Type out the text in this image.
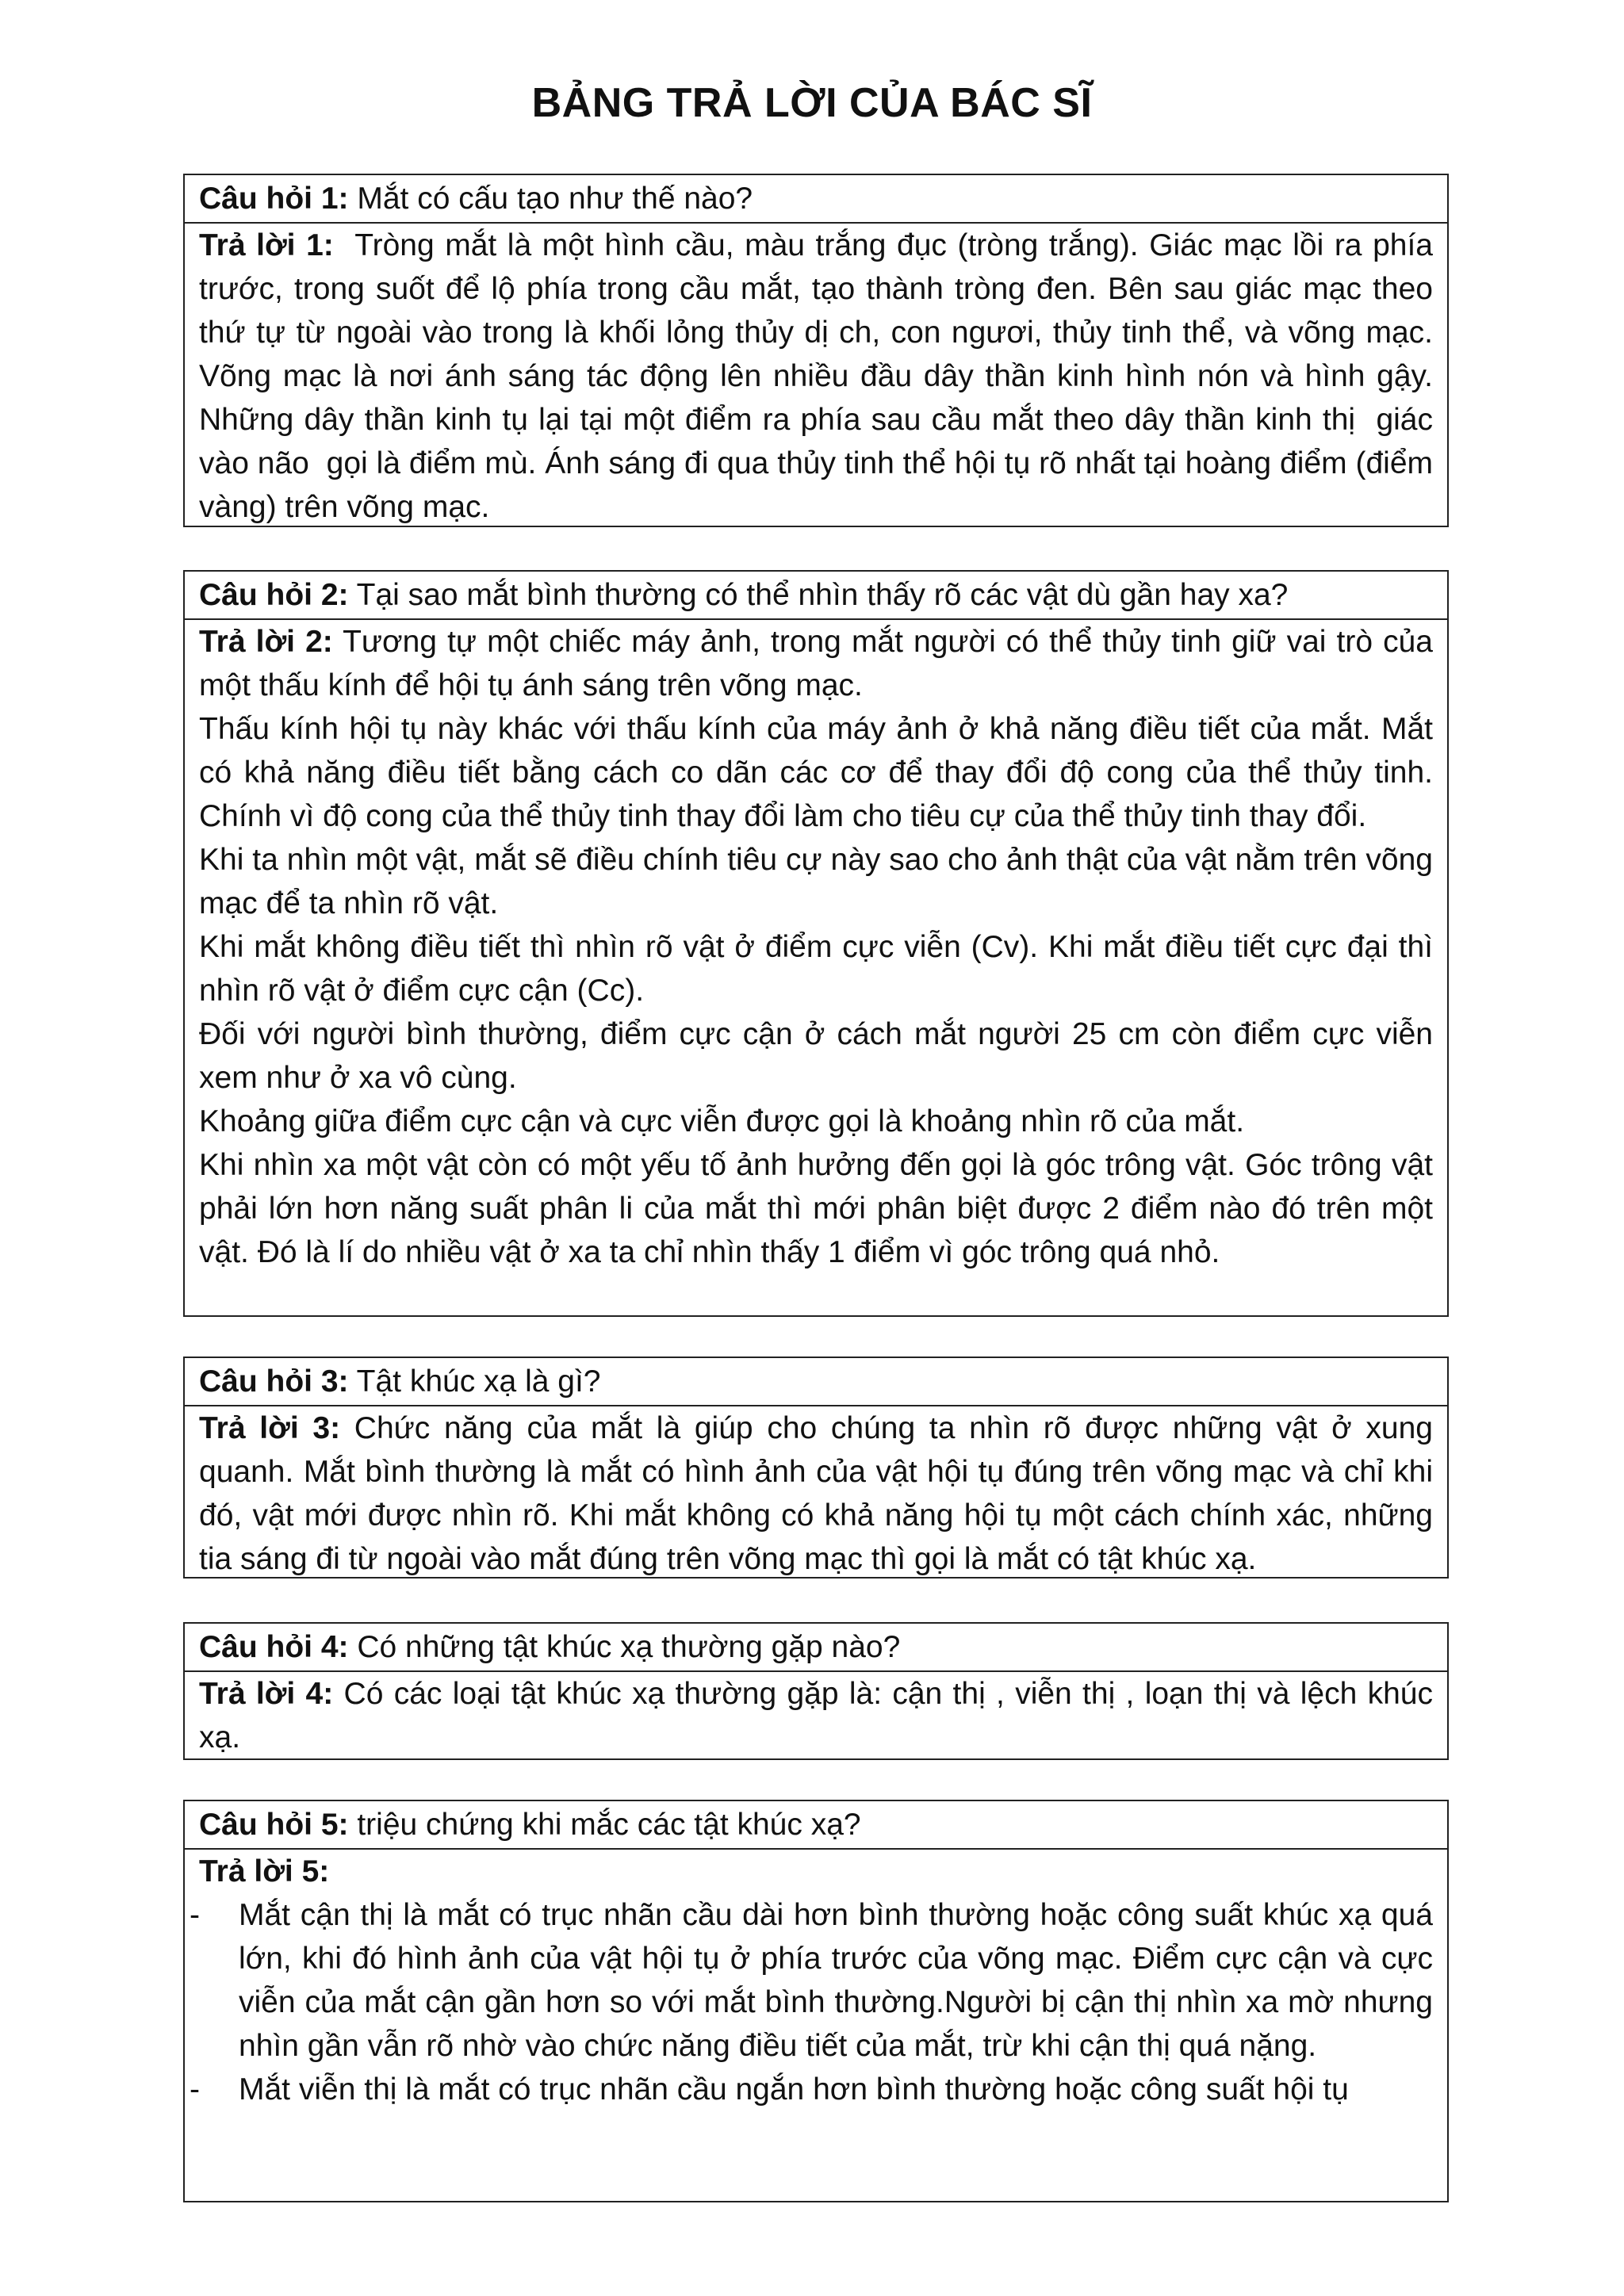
BẢNG TRẢ LỜI CỦA BÁC SĨ
Câu hỏi 1: Mắt có cấu tạo như thế nào?

Trả lời 1:  Tròng mắt là một hình cầu, màu trắng đục (tròng trắng). Giác mạc lồi ra phía trước, trong suốt để lộ phía trong cầu mắt, tạo thành tròng đen. Bên sau giác mạc theo thứ tự từ ngoài vào trong là khối lỏng thủy dị ch, con ngươi, thủy tinh thể, và võng mạc. Võng mạc là nơi ánh sáng tác động lên nhiều đầu dây thần kinh hình nón và hình gậy. Những dây thần kinh tụ lại tại một điểm ra phía sau cầu mắt theo dây thần kinh thị  giác vào não  gọi là điểm mù. Ánh sáng đi qua thủy tinh thể hội tụ rõ nhất tại hoàng điểm (điểm vàng) trên võng mạc.

Câu hỏi 2: Tại sao mắt bình thường có thể nhìn thấy rõ các vật dù gần hay xa?

Trả lời 2: Tương tự một chiếc máy ảnh, trong mắt người có thể thủy tinh giữ vai trò của một thấu kính để hội tụ ánh sáng trên võng mạc.

Thấu kính hội tụ này khác với thấu kính của máy ảnh ở khả năng điều tiết của mắt. Mắt có khả năng điều tiết bằng cách co dãn các cơ để thay đổi độ cong của thể thủy tinh. Chính vì độ cong của thể thủy tinh thay đổi làm cho tiêu cự của thể thủy tinh thay đổi.

Khi ta nhìn một vật, mắt sẽ điều chính tiêu cự này sao cho ảnh thật của vật nằm trên võng mạc để ta nhìn rõ vật.

Khi mắt không điều tiết thì nhìn rõ vật ở điểm cực viễn (Cv). Khi mắt điều tiết cực đại thì nhìn rõ vật ở điểm cực cận (Cc).

Đối với người bình thường, điểm cực cận ở cách mắt người 25 cm còn điểm cực viễn xem như ở xa vô cùng.

Khoảng giữa điểm cực cận và cực viễn được gọi là khoảng nhìn rõ của mắt.

Khi nhìn xa một vật còn có một yếu tố ảnh hưởng đến gọi là góc trông vật. Góc trông vật phải lớn hơn năng suất phân li của mắt thì mới phân biệt được 2 điểm nào đó trên một vật. Đó là lí do nhiều vật ở xa ta chỉ nhìn thấy 1 điểm vì góc trông quá nhỏ.

Câu hỏi 3: Tật khúc xạ là gì?

Trả lời 3: Chức năng của mắt là giúp cho chúng ta nhìn rõ được những vật ở xung quanh. Mắt bình thường là mắt có hình ảnh của vật hội tụ đúng trên võng mạc và chỉ khi đó, vật mới được nhìn rõ. Khi mắt không có khả năng hội tụ một cách chính xác, những tia sáng đi từ ngoài vào mắt đúng trên võng mạc thì gọi là mắt có tật khúc xạ.

Câu hỏi 4: Có những tật khúc xạ thường gặp nào?

Trả lời 4: Có các loại tật khúc xạ thường gặp là: cận thị , viễn thị , loạn thị và lệch khúc xạ.

Câu hỏi 5: triệu chứng khi mắc các tật khúc xạ?

Trả lời 5:

- Mắt cận thị là mắt có trục nhãn cầu dài hơn bình thường hoặc công suất khúc xạ quá lớn, khi đó hình ảnh của vật hội tụ ở phía trước của võng mạc. Điểm cực cận và cực viễn của mắt cận gần hơn so với mắt bình thường.Người bị cận thị nhìn xa mờ nhưng nhìn gần vẫn rõ nhờ vào chức năng điều tiết của mắt, trừ khi cận thị quá nặng.
- Mắt viễn thị là mắt có trục nhãn cầu ngắn hơn bình thường hoặc công suất hội tụ
